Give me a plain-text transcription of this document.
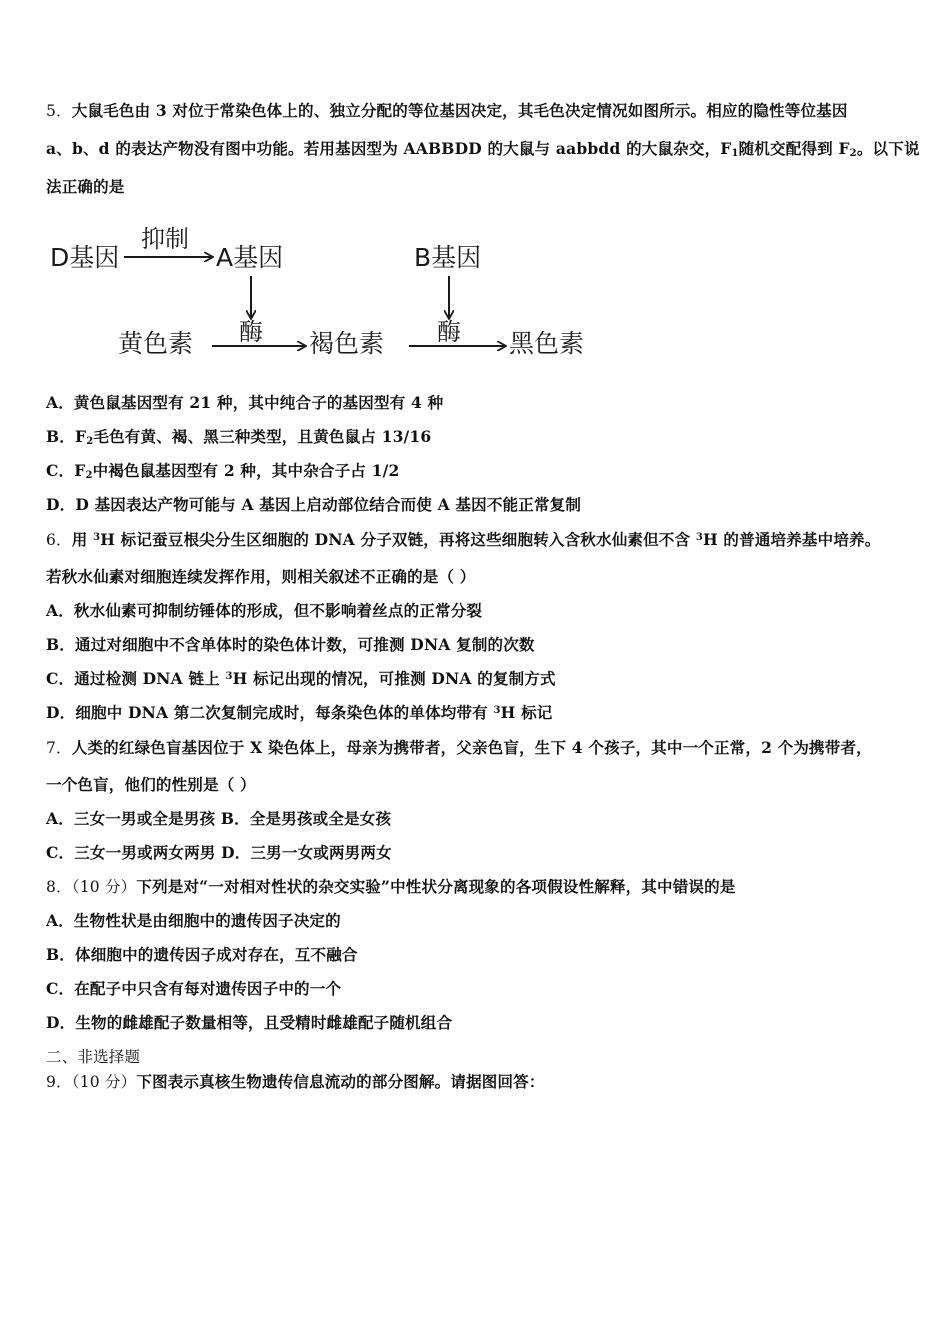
5．大鼠毛色由 3 对位于常染色体上的、独立分配的等位基因决定，其毛色决定情况如图所示。相应的隐性等位基因
a、b、d 的表达产物没有图中功能。若用基因型为 AABBDD 的大鼠与 aabbdd 的大鼠杂交，$F_1$随机交配得到 $F_2$。以下说
法正确的是
D基因
抑制
A基因	B基因
酶	酶
黄色素	褐色素	黑色素
A．黄色鼠基因型有 21 种，其中纯合子的基因型有 4 种
B．$F_2$毛色有黄、褐、黑三种类型，且黄色鼠占 13/16
C．$F_2$中褐色鼠基因型有 2 种，其中杂合子占 1/2
D．D 基因表达产物可能与 A 基因上启动部位结合而使 A 基因不能正常复制
6．用 $^3$H 标记蚕豆根尖分生区细胞的 DNA 分子双链，再将这些细胞转入含秋水仙素但不含 $^3$H 的普通培养基中培养。
若秋水仙素对细胞连续发挥作用，则相关叙述不正确的是（ ）
A．秋水仙素可抑制纺锤体的形成，但不影响着丝点的正常分裂
B．通过对细胞中不含单体时的染色体计数，可推测 DNA 复制的次数
C．通过检测 DNA 链上 $^3$H 标记出现的情况，可推测 DNA 的复制方式
D．细胞中 DNA 第二次复制完成时，每条染色体的单体均带有 $^3$H 标记
7．人类的红绿色盲基因位于 X 染色体上，母亲为携带者，父亲色盲，生下 4 个孩子，其中一个正常，2 个为携带者，
一个色盲，他们的性别是（ ）
A．三女一男或全是男孩 B．全是男孩或全是女孩
C．三女一男或两女两男 D．三男一女或两男两女
8．（10 分）下列是对“一对相对性状的杂交实验”中性状分离现象的各项假设性解释，其中错误的是
A．生物性状是由细胞中的遗传因子决定的
B．体细胞中的遗传因子成对存在，互不融合
C．在配子中只含有每对遗传因子中的一个
D．生物的雌雄配子数量相等，且受精时雌雄配子随机组合
二、非选择题
9．（10 分）下图表示真核生物遗传信息流动的部分图解。请据图回答：
